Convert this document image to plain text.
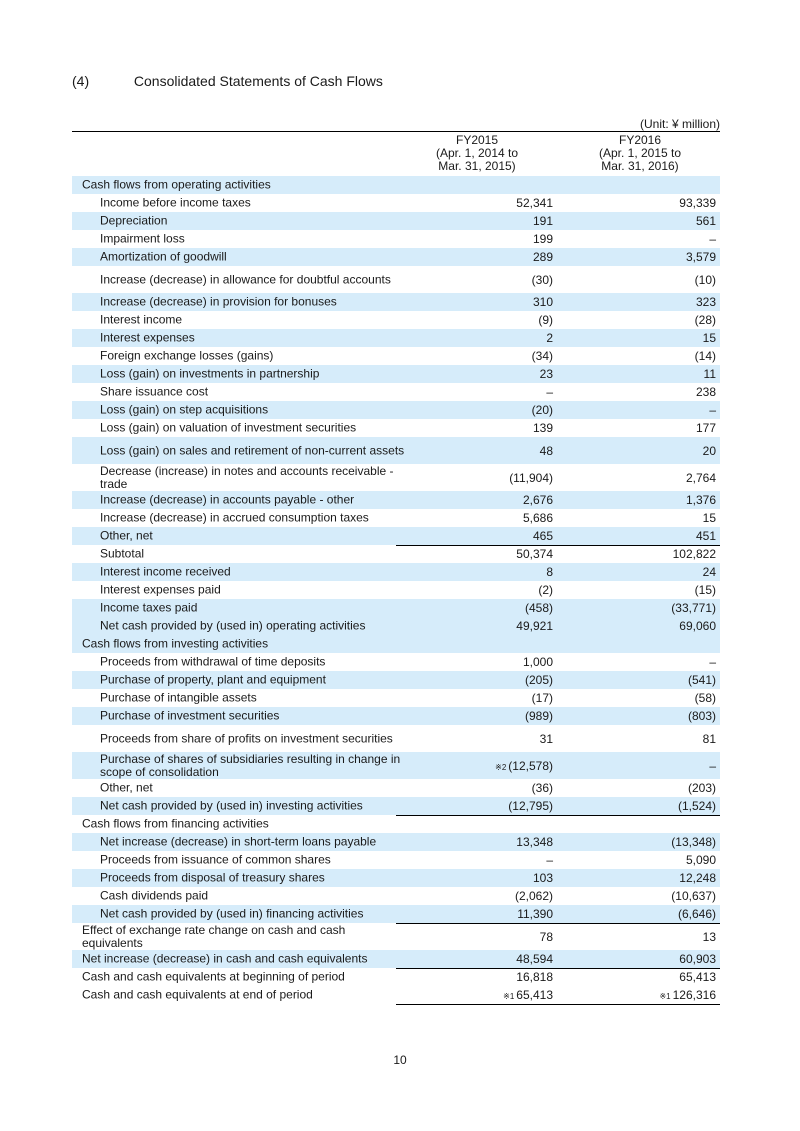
(4)	Consolidated Statements of Cash Flows
(Unit: ¥ million)
FY2015
(Apr. 1, 2014 to
Mar. 31, 2015)
FY2016
(Apr. 1, 2015 to
Mar. 31, 2016)
Cash flows from operating activities
Income before income taxes	52,341	93,339
Depreciation	191	561
Impairment loss	199	–
Amortization of goodwill	289	3,579
Increase (decrease) in allowance for doubtful accounts	(30)	(10)
Increase (decrease) in provision for bonuses	310	323
Interest income	(9)	(28)
Interest expenses	2	15
Foreign exchange losses (gains)	(34)	(14)
Loss (gain) on investments in partnership	23	11
Share issuance cost	–	238
Loss (gain) on step acquisitions	(20)	–
Loss (gain) on valuation of investment securities	139	177
Loss (gain) on sales and retirement of non-current assets	48	20
Decrease (increase) in notes and accounts receivable - trade	(11,904)	2,764
Increase (decrease) in accounts payable - other	2,676	1,376
Increase (decrease) in accrued consumption taxes	5,686	15
Other, net	465	451
Subtotal	50,374	102,822
Interest income received	8	24
Interest expenses paid	(2)	(15)
Income taxes paid	(458)	(33,771)
Net cash provided by (used in) operating activities	49,921	69,060
Cash flows from investing activities
Proceeds from withdrawal of time deposits	1,000	–
Purchase of property, plant and equipment	(205)	(541)
Purchase of intangible assets	(17)	(58)
Purchase of investment securities	(989)	(803)
Proceeds from share of profits on investment securities	31	81
Purchase of shares of subsidiaries resulting in change in scope of consolidation	※2 (12,578)	–
Other, net	(36)	(203)
Net cash provided by (used in) investing activities	(12,795)	(1,524)
Cash flows from financing activities
Net increase (decrease) in short-term loans payable	13,348	(13,348)
Proceeds from issuance of common shares	–	5,090
Proceeds from disposal of treasury shares	103	12,248
Cash dividends paid	(2,062)	(10,637)
Net cash provided by (used in) financing activities	11,390	(6,646)
Effect of exchange rate change on cash and cash equivalents	78	13
Net increase (decrease) in cash and cash equivalents	48,594	60,903
Cash and cash equivalents at beginning of period	16,818	65,413
Cash and cash equivalents at end of period	※1 65,413	※1 126,316
10
